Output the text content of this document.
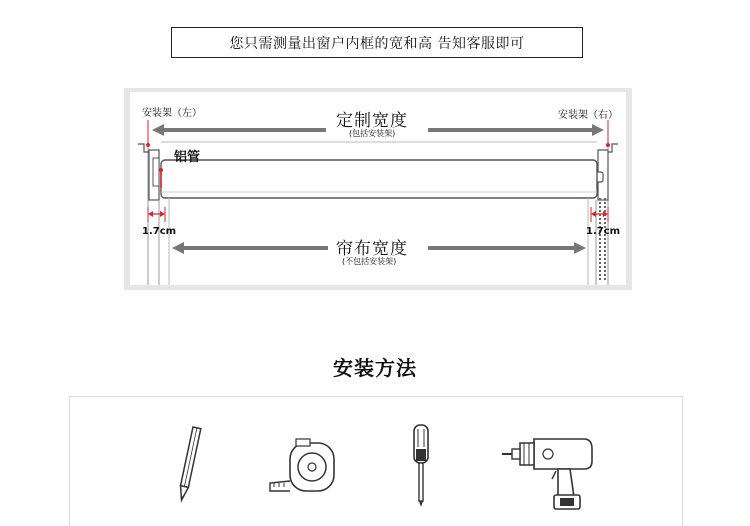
您只需测量出窗户内框的宽和高 告知客服即可
安装架（左）	安装架（右）
定制宽度
(包括安装架)
铝管
1.7cm	1.7cm
帘布宽度
(不包括安装架)
安装方法
